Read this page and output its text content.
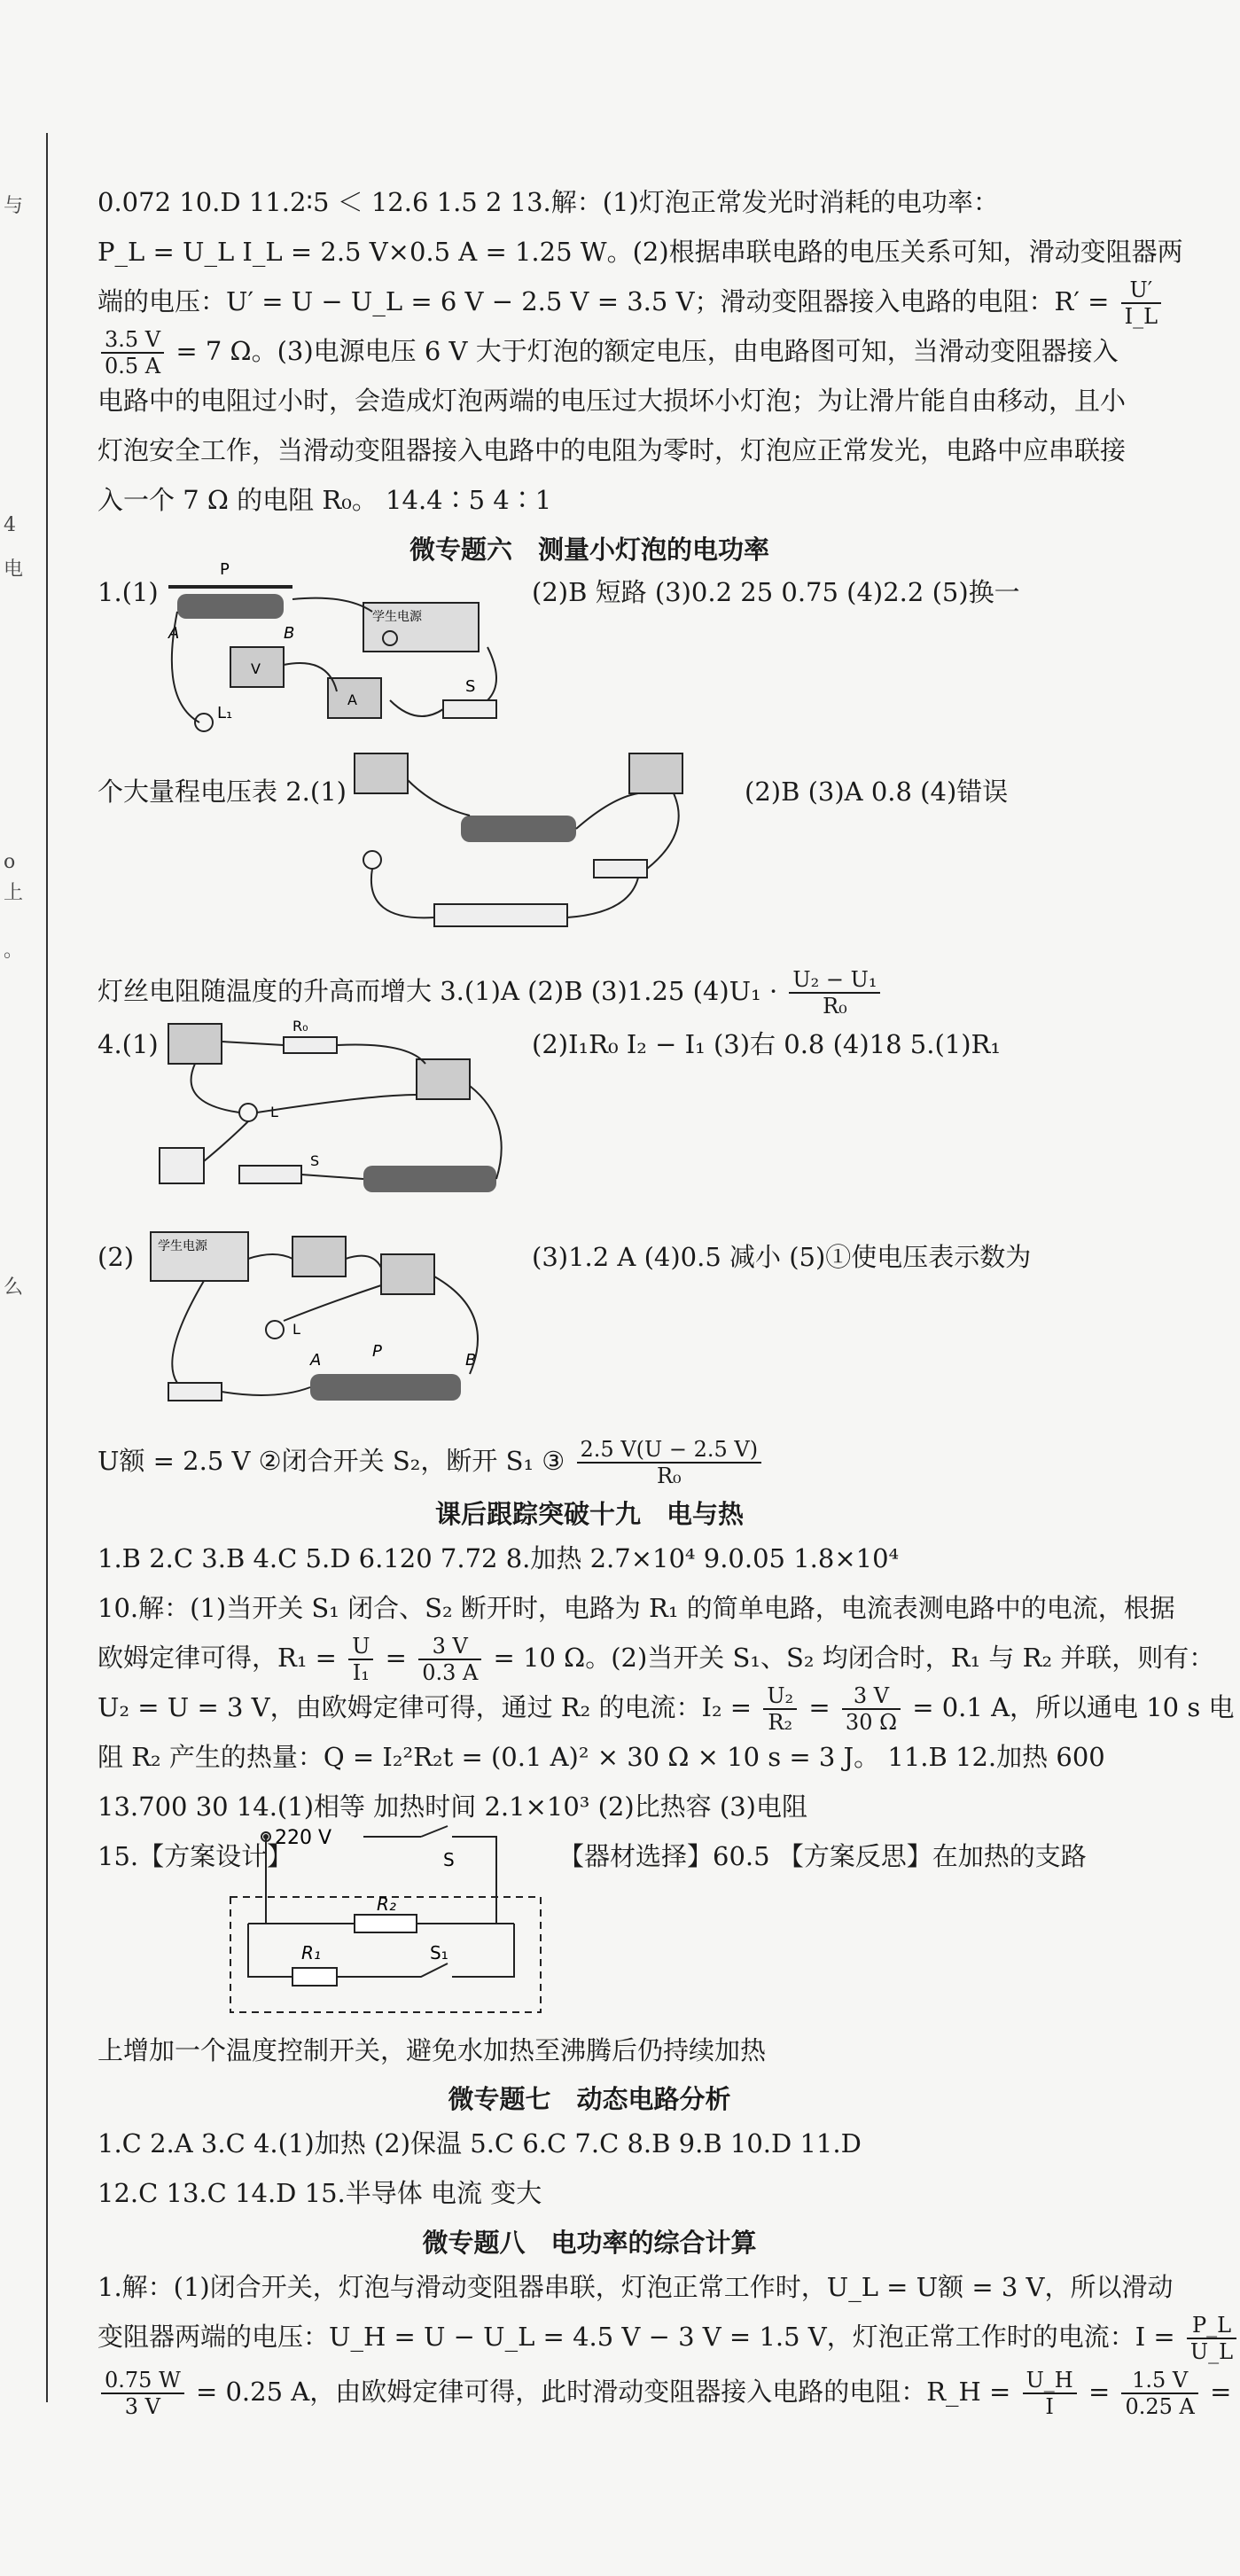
与
4
电
o
上
。
么
0.072 10.D 11.2∶5 ＜ 12.6 1.5 2 13.解：(1)灯泡正常发光时消耗的电功率：
P_L = U_L I_L = 2.5 V×0.5 A = 1.25 W。(2)根据串联电路的电压关系可知，滑动变阻器两
端的电压：U′ = U − U_L = 6 V − 2.5 V = 3.5 V；滑动变阻器接入电路的电阻：$R' = \frac{U'}{I\_L}$
$\frac{3.5 V}{0.5 A} = 7$ Ω。(3)电源电压 6 V 大于灯泡的额定电压，由电路图可知，当滑动变阻器接入
电路中的电阻过小时，会造成灯泡两端的电压过大损坏小灯泡；为让滑片能自由移动，且小
灯泡安全工作，当滑动变阻器接入电路中的电阻为零时，灯泡应正常发光，电路中应串联接
入一个 7 Ω 的电阻 R₀。 14.4∶5 4∶1
微专题六　测量小灯泡的电功率
1.(1)
学生电源
V
A
P
A	B
L₁
S
(2)B 短路 (3)0.2 25 0.75 (4)2.2 (5)换一
个大量程电压表 2.(1)	(2)B (3)A 0.8 (4)错误
灯丝电阻随温度的升高而增大 3.(1)A (2)B (3)1.25 $(4)U_1 \cdot \frac{\text{U₂ − U₁}}{\text{R₀}}$
4.(1)
R₀
L
S
(2)I₁R₀ I₂ − I₁ (3)右 0.8 (4)18 5.(1)R₁
(2) 学生电源
L
P
A	B
(3)1.2 A (4)0.5 减小 (5)①使电压表示数为
U额 = 2.5 V ②闭合开关 S₂，断开 S₁ ③ $\frac{2.5 V(U - 2.5 V)}{\text{R₀}}$
课后跟踪突破十九　电与热
1.B 2.C 3.B 4.C 5.D 6.120 7.72 8.加热 2.7×10⁴ 9.0.05 1.8×10⁴
10.解：(1)当开关 S₁ 闭合、S₂ 断开时，电路为 R₁ 的简单电路，电流表测电路中的电流，根据
欧姆定律可得，$R_1 = \frac{U}{\text{I₁}} = \frac{3 V}{0.3 A} = 10$ Ω。(2)当开关 S₁、S₂ 均闭合时，R₁ 与 R₂ 并联，则有：
U₂ = U = 3 V，由欧姆定律可得，通过 R₂ 的电流：$I_2 = \frac{\text{U₂}}{\text{R₂}} = \frac{3 V}{30 \Omega} = 0.1$ A，所以通电 10 s 电
阻 R₂ 产生的热量：Q = I₂²R₂t = (0.1 A)² × 30 Ω × 10 s = 3 J。 11.B 12.加热 600
13.700 30 14.(1)相等 加热时间 2.1×10³ (2)比热容 (3)电阻
15.【方案设计】
220 V
S
R₂
R₁	S₁
【器材选择】60.5 【方案反思】在加热的支路
上增加一个温度控制开关，避免水加热至沸腾后仍持续加热
微专题七　动态电路分析
1.C 2.A 3.C 4.(1)加热 (2)保温 5.C 6.C 7.C 8.B 9.B 10.D 11.D
12.C 13.C 14.D 15.半导体 电流 变大
微专题八　电功率的综合计算
1.解：(1)闭合开关，灯泡与滑动变阻器串联，灯泡正常工作时，U_L = U额 = 3 V，所以滑动
变阻器两端的电压：U_H = U − U_L = 4.5 V − 3 V = 1.5 V，灯泡正常工作时的电流：$I = \frac{P\_L}{U\_L}$
$\frac{0.75 W}{3 V} = 0.25$ A，由欧姆定律可得，此时滑动变阻器接入电路的电阻：R_H = $\frac{U\_H}{I} = \frac{1.5 V}{0.25 A}$ =
